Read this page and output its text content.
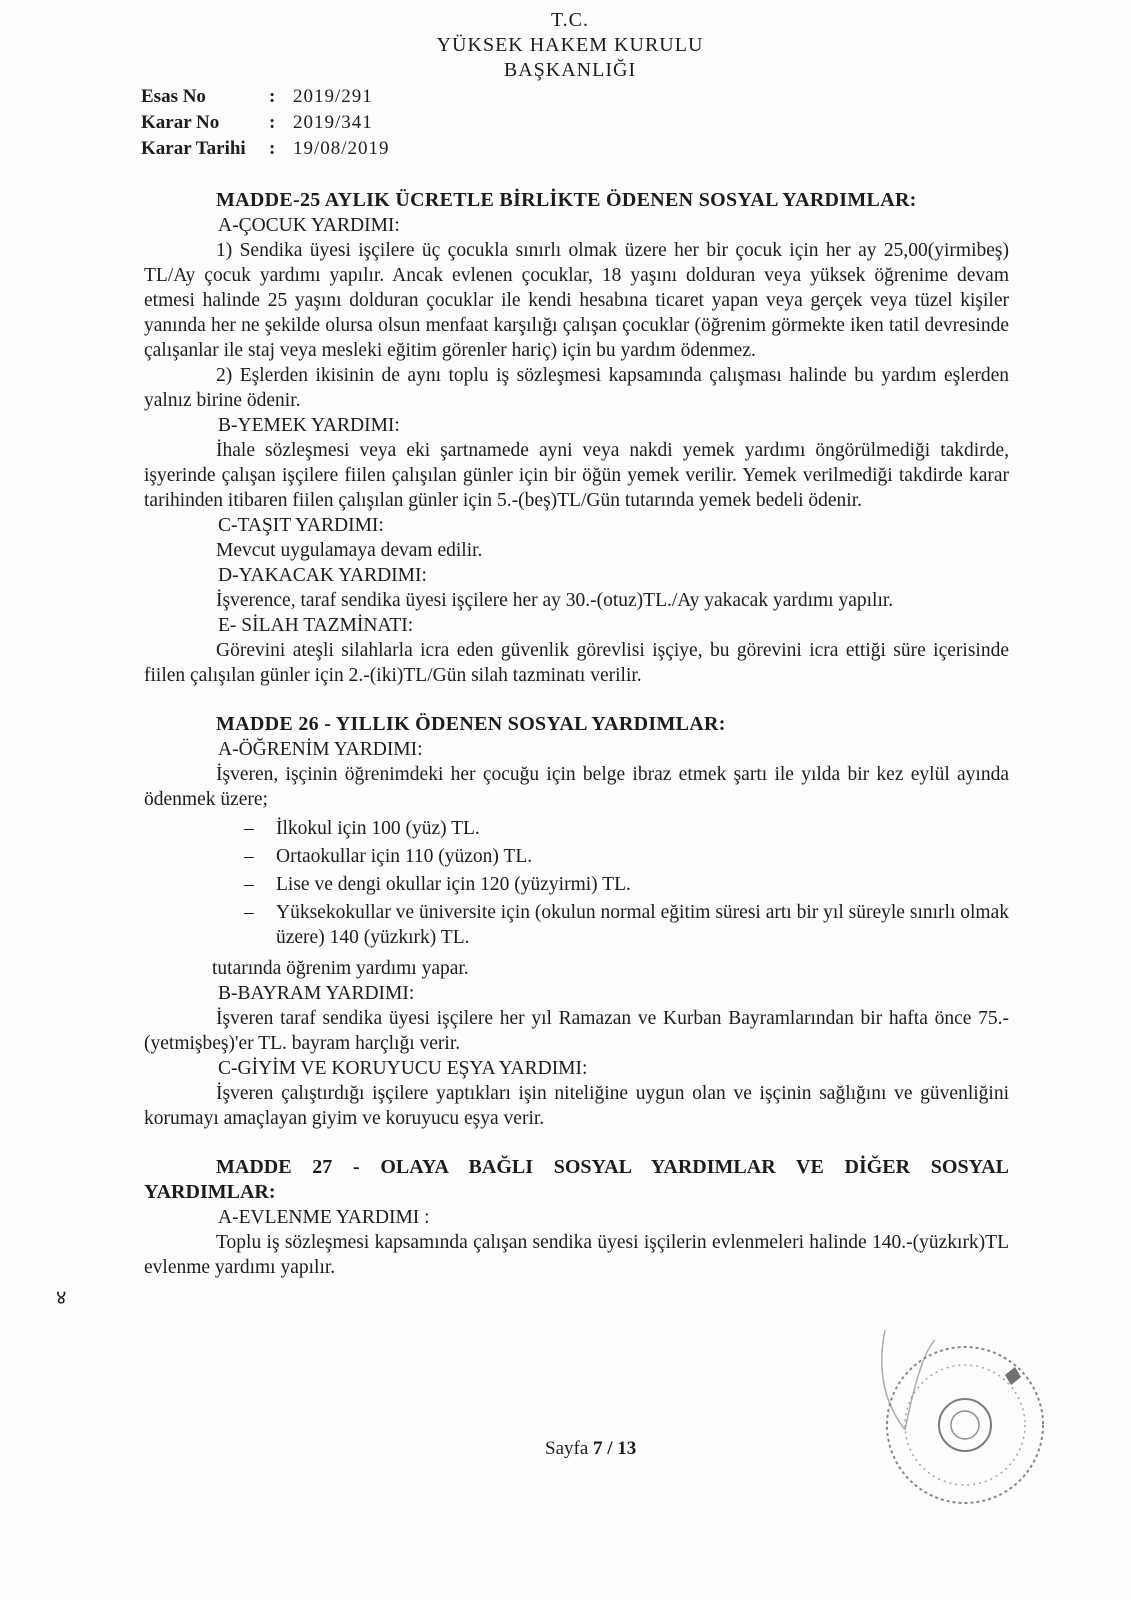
T.C.
YÜKSEK HAKEM KURULU
BAŞKANLIĞI
Esas No	: 2019/291
Karar No	: 2019/341
Karar Tarihi	: 19/08/2019
MADDE-25 AYLIK ÜCRETLE BİRLİKTE ÖDENEN SOSYAL YARDIMLAR:
A-ÇOCUK YARDIMI:
1) Sendika üyesi işçilere üç çocukla sınırlı olmak üzere her bir çocuk için her ay 25,00(yirmibeş) TL/Ay çocuk yardımı yapılır. Ancak evlenen çocuklar, 18 yaşını dolduran veya yüksek öğrenime devam etmesi halinde 25 yaşını dolduran çocuklar ile kendi hesabına ticaret yapan veya gerçek veya tüzel kişiler yanında her ne şekilde olursa olsun menfaat karşılığı çalışan çocuklar (öğrenim görmekte iken tatil devresinde çalışanlar ile staj veya mesleki eğitim görenler hariç) için bu yardım ödenmez.
2) Eşlerden ikisinin de aynı toplu iş sözleşmesi kapsamında çalışması halinde bu yardım eşlerden yalnız birine ödenir.
B-YEMEK YARDIMI:
İhale sözleşmesi veya eki şartnamede ayni veya nakdi yemek yardımı öngörülmediği takdirde, işyerinde çalışan işçilere fiilen çalışılan günler için bir öğün yemek verilir. Yemek verilmediği takdirde karar tarihinden itibaren fiilen çalışılan günler için 5.-(beş)TL/Gün tutarında yemek bedeli ödenir.
C-TAŞIT YARDIMI:
Mevcut uygulamaya devam edilir.
D-YAKACAK YARDIMI:
İşverence, taraf sendika üyesi işçilere her ay 30.-(otuz)TL./Ay yakacak yardımı yapılır.
E- SİLAH TAZMİNATI:
Görevini ateşli silahlarla icra eden güvenlik görevlisi işçiye, bu görevini icra ettiği süre içerisinde fiilen çalışılan günler için 2.-(iki)TL/Gün silah tazminatı verilir.
MADDE 26 - YILLIK ÖDENEN SOSYAL YARDIMLAR:
A-ÖĞRENİM YARDIMI:
İşveren, işçinin öğrenimdeki her çocuğu için belge ibraz etmek şartı ile yılda bir kez eylül ayında ödenmek üzere;
– İlkokul için 100 (yüz) TL.
– Ortaokullar için 110 (yüzon) TL.
– Lise ve dengi okullar için 120 (yüzyirmi) TL.
– Yüksekokullar ve üniversite için (okulun normal eğitim süresi artı bir yıl süreyle sınırlı olmak üzere) 140 (yüzkırk) TL.
tutarında öğrenim yardımı yapar.
B-BAYRAM YARDIMI:
İşveren taraf sendika üyesi işçilere her yıl Ramazan ve Kurban Bayramlarından bir hafta önce 75.-(yetmişbeş)'er TL. bayram harçlığı verir.
C-GİYİM VE KORUYUCU EŞYA YARDIMI:
İşveren çalıştırdığı işçilere yaptıkları işin niteliğine uygun olan ve işçinin sağlığını ve güvenliğini korumayı amaçlayan giyim ve koruyucu eşya verir.
MADDE 27 - OLAYA BAĞLI SOSYAL YARDIMLAR VE DİĞER SOSYAL YARDIMLAR:
A-EVLENME YARDIMI :
Toplu iş sözleşmesi kapsamında çalışan sendika üyesi işçilerin evlenmeleri halinde 140.-(yüzkırk)TL evlenme yardımı yapılır.
४
Sayfa 7 / 13
